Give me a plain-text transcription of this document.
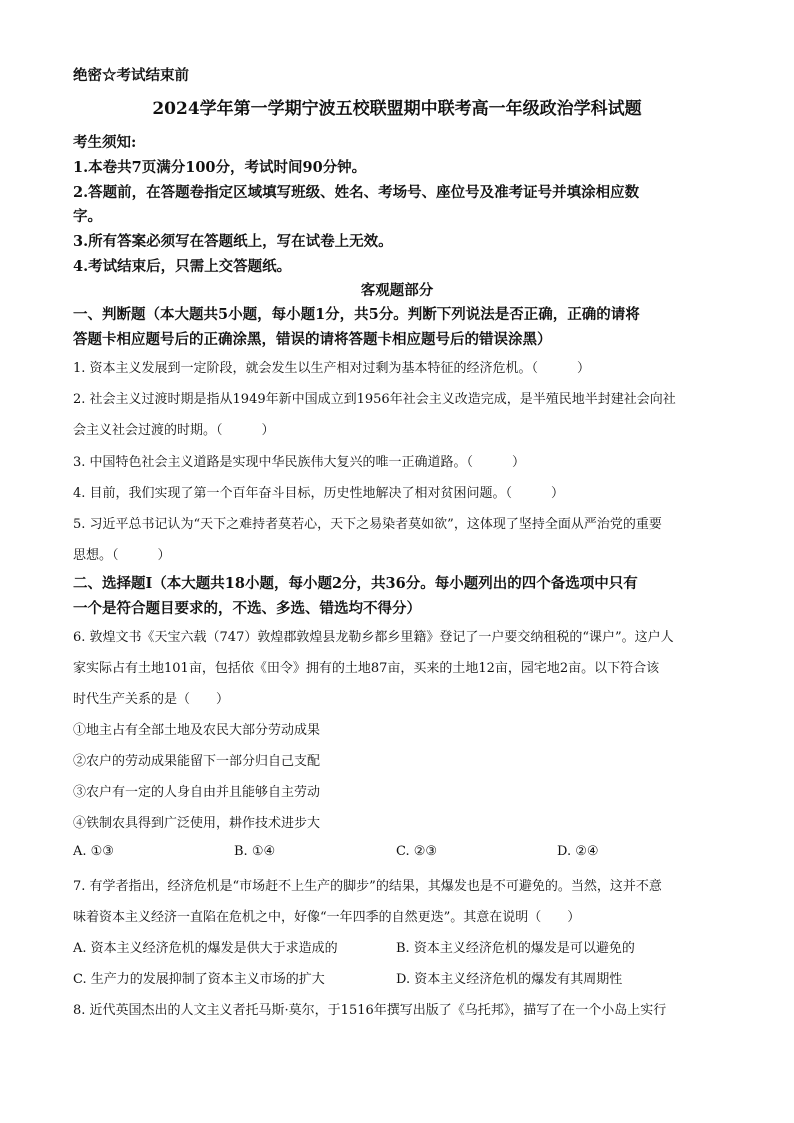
绝密☆考试结束前
2024学年第一学期宁波五校联盟期中联考高一年级政治学科试题
考生须知:
1.本卷共7页满分100分，考试时间90分钟。
2.答题前，在答题卷指定区域填写班级、姓名、考场号、座位号及准考证号并填涂相应数
字。
3.所有答案必须写在答题纸上，写在试卷上无效。
4.考试结束后，只需上交答题纸。
客观题部分
一、判断题（本大题共5小题，每小题1分，共5分。判断下列说法是否正确，正确的请将
答题卡相应题号后的正确涂黑，错误的请将答题卡相应题号后的错误涂黑）
1. 资本主义发展到一定阶段，就会发生以生产相对过剩为基本特征的经济危机。（　　　）
2. 社会主义过渡时期是指从1949年新中国成立到1956年社会主义改造完成，是半殖民地半封建社会向社
会主义社会过渡的时期。（　　　）
3. 中国特色社会主义道路是实现中华民族伟大复兴的唯一正确道路。（　　　）
4. 目前，我们实现了第一个百年奋斗目标，历史性地解决了相对贫困问题。（　　　）
5. 习近平总书记认为“天下之难持者莫若心，天下之易染者莫如欲”，这体现了坚持全面从严治党的重要
思想。（　　　）
二、选择题Ⅰ（本大题共18小题，每小题2分，共36分。每小题列出的四个备选项中只有
一个是符合题目要求的，不选、多选、错选均不得分）
6. 敦煌文书《天宝六载（747）敦煌郡敦煌县龙勒乡都乡里籍》登记了一户要交纳租税的“课户”。这户人
家实际占有土地101亩，包括依《田令》拥有的土地87亩，买来的土地12亩，园宅地2亩。以下符合该
时代生产关系的是（　　）
①地主占有全部土地及农民大部分劳动成果
②农户的劳动成果能留下一部分归自己支配
③农户有一定的人身自由并且能够自主劳动
④铁制农具得到广泛使用，耕作技术进步大
A. ①③	B. ①④	C. ②③	D. ②④
7. 有学者指出，经济危机是“市场赶不上生产的脚步”的结果，其爆发也是不可避免的。当然，这并不意
味着资本主义经济一直陷在危机之中，好像“一年四季的自然更迭”。其意在说明（　　）
A. 资本主义经济危机的爆发是供大于求造成的	B. 资本主义经济危机的爆发是可以避免的
C. 生产力的发展抑制了资本主义市场的扩大	D. 资本主义经济危机的爆发有其周期性
8. 近代英国杰出的人文主义者托马斯·莫尔，于1516年撰写出版了《乌托邦》，描写了在一个小岛上实行
